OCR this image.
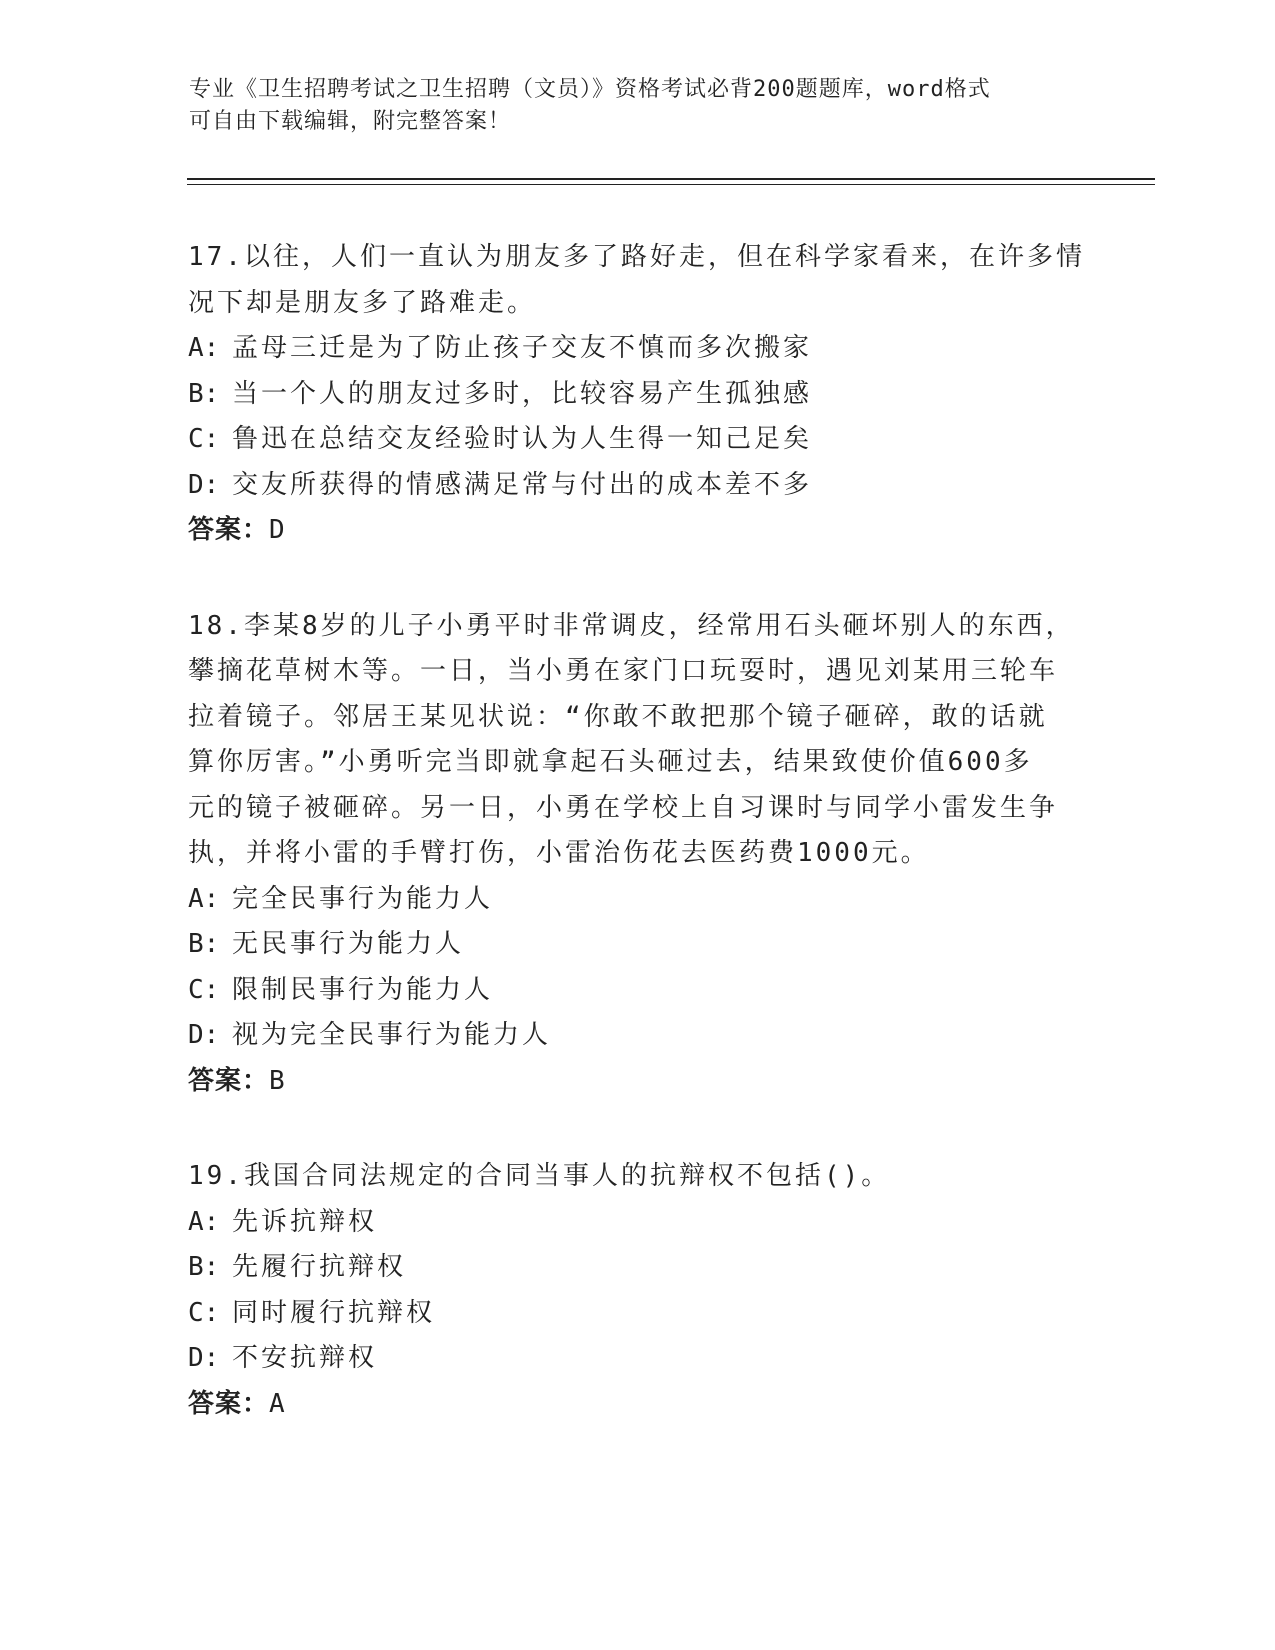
专业《卫生招聘考试之卫生招聘（文员）》资格考试必背200题题库，word格式
可自由下载编辑，附完整答案！

17.以往，人们一直认为朋友多了路好走，但在科学家看来，在许多情
况下却是朋友多了路难走。

A: 孟母三迁是为了防止孩子交友不慎而多次搬家

B: 当一个人的朋友过多时，比较容易产生孤独感

C: 鲁迅在总结交友经验时认为人生得一知己足矣

D: 交友所获得的情感满足常与付出的成本差不多

答案：D

18.李某8岁的儿子小勇平时非常调皮，经常用石头砸坏别人的东西，
攀摘花草树木等。一日，当小勇在家门口玩耍时，遇见刘某用三轮车
拉着镜子。邻居王某见状说：“你敢不敢把那个镜子砸碎，敢的话就
算你厉害。”小勇听完当即就拿起石头砸过去，结果致使价值600多
元的镜子被砸碎。另一日，小勇在学校上自习课时与同学小雷发生争
执，并将小雷的手臂打伤，小雷治伤花去医药费1000元。

A: 完全民事行为能力人

B: 无民事行为能力人

C: 限制民事行为能力人

D: 视为完全民事行为能力人

答案：B

19.我国合同法规定的合同当事人的抗辩权不包括()。

A: 先诉抗辩权

B: 先履行抗辩权

C: 同时履行抗辩权

D: 不安抗辩权

答案：A
